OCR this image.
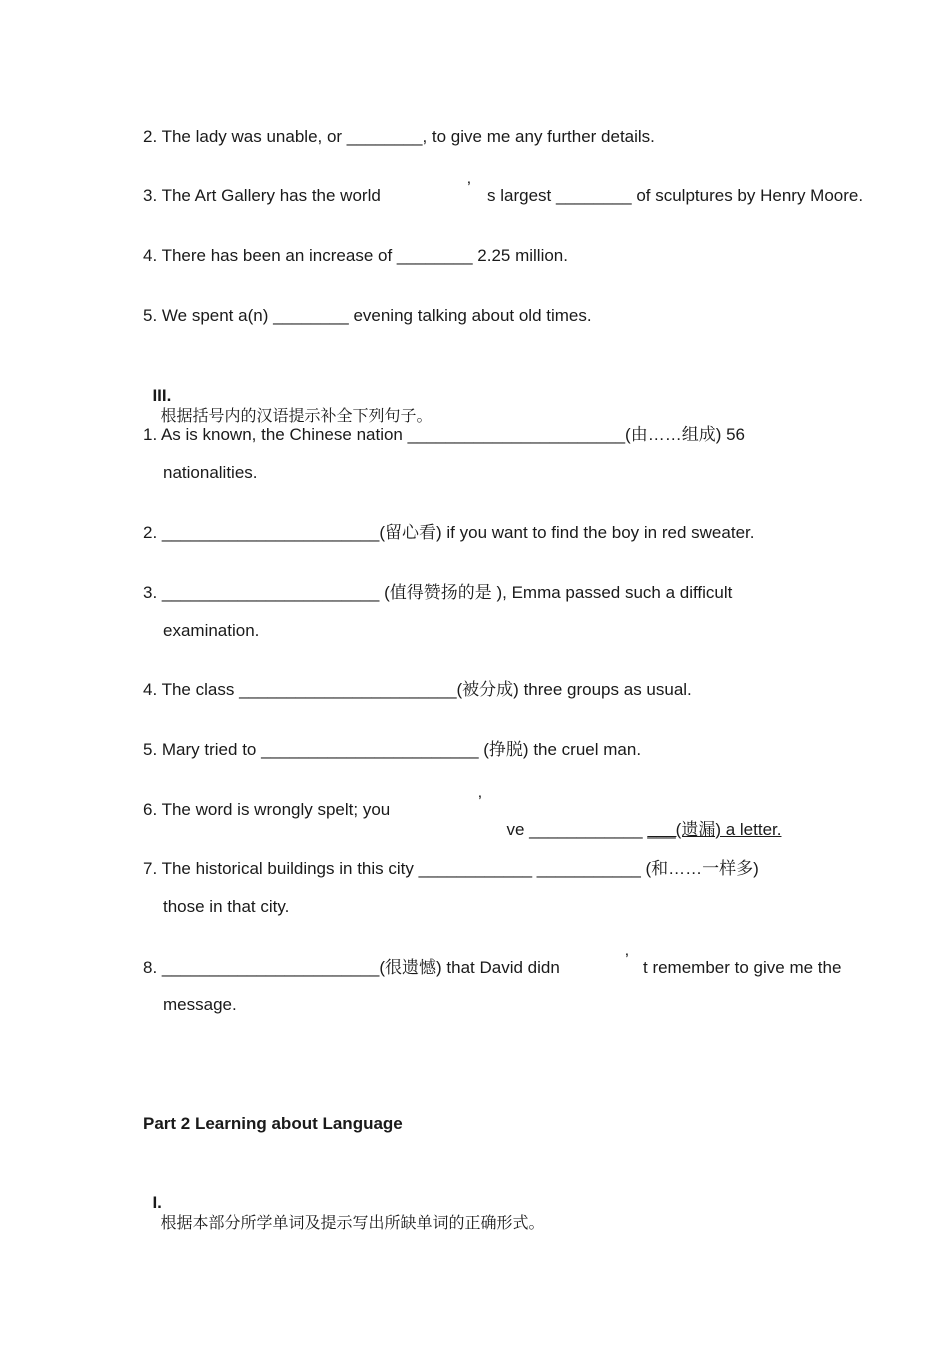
2. The lady was unable, or ________, to give me any further details.
3. The Art Gallery has the world	’ s largest ________ of sculptures by Henry Moore.
4. There has been an increase of ________ 2.25 million.
5. We spent a(n) ________ evening talking about old times.

III.
根据括号内的汉语提示补全下列句子。

1. As is known, the Chinese nation _______________________(由……组成) 56
nationalities.
2. _______________________(留心看) if you want to find the boy in red sweater.
3. _______________________ (值得赞扬的是 ), Emma passed such a difficult
examination.
4. The class _______________________(被分成) three groups as usual.
5. Mary tried to _______________________ (挣脱) the cruel man.
6. The word is wrongly spelt; you	’

ve ____________ ___(遗漏) a letter.

7. The historical buildings in this city ____________ ___________ (和……一样多)
those in that city.
8. _______________________(很遗憾) that David didn	’ t remember to give me the
message.
Part 2 Learning about Language

I.
根据本部分所学单词及提示写出所缺单词的正确形式。
